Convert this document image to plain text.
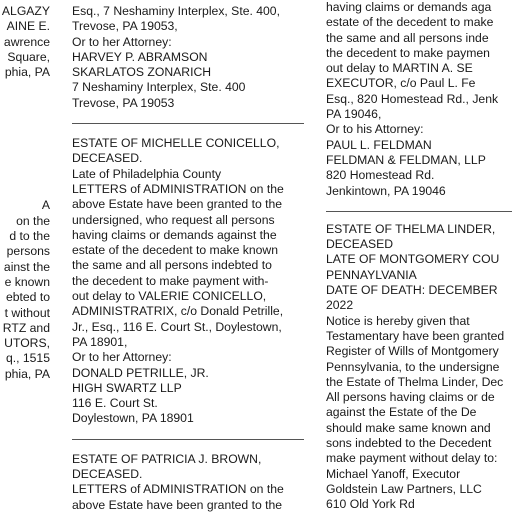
ALGAZY
AINE E.
awrence
Square,
phia, PA
A
on the
d to the
persons
ainst the
e known
ebted to
t without
RTZ and
UTORS,
q., 1515
phia, PA
Esq., 7 Neshaminy Interplex, Ste. 400,
Trevose, PA 19053,
Or to her Attorney:
HARVEY P. ABRAMSON
SKARLATOS ZONARICH
7 Neshaminy Interplex, Ste. 400
Trevose, PA 19053
ESTATE OF MICHELLE CONICELLO,
DECEASED.
Late of Philadelphia County
LETTERS of ADMINISTRATION on the
above Estate have been granted to the
undersigned, who request all persons
having claims or demands against the
estate of the decedent to make known
the same and all persons indebted to
the decedent to make payment with-
out delay to VALERIE CONICELLO,
ADMINISTRATRIX, c/o Donald Petrille,
Jr., Esq., 116 E. Court St., Doylestown,
PA 18901,
Or to her Attorney:
DONALD PETRILLE, JR.
HIGH SWARTZ LLP
116 E. Court St.
Doylestown, PA 18901
ESTATE OF PATRICIA J. BROWN,
DECEASED.
LETTERS of ADMINISTRATION on the
above Estate have been granted to the
having claims or demands aga
estate of the decedent to make
the same and all persons inde
the decedent to make paymen
out delay to MARTIN A. SE
EXECUTOR, c/o Paul L. Fe
Esq., 820 Homestead Rd., Jenk
PA 19046,
Or to his Attorney:
PAUL L. FELDMAN
FELDMAN & FELDMAN, LLP
820 Homestead Rd.
Jenkintown, PA 19046
ESTATE OF THELMA LINDER,
DECEASED
LATE OF MONTGOMERY COU
PENNAYLVANIA
DATE OF DEATH: DECEMBER
2022
Notice is hereby given that
Testamentary have been granted
Register of Wills of Montgomery
Pennsylvania, to the undersigne
the Estate of Thelma Linder, Dec
All persons having claims or de
against the Estate of the De
should make same known and
sons indebted to the Decedent
make payment without delay to:
Michael Yanoff, Executor
Goldstein Law Partners, LLC
610 Old York Rd
